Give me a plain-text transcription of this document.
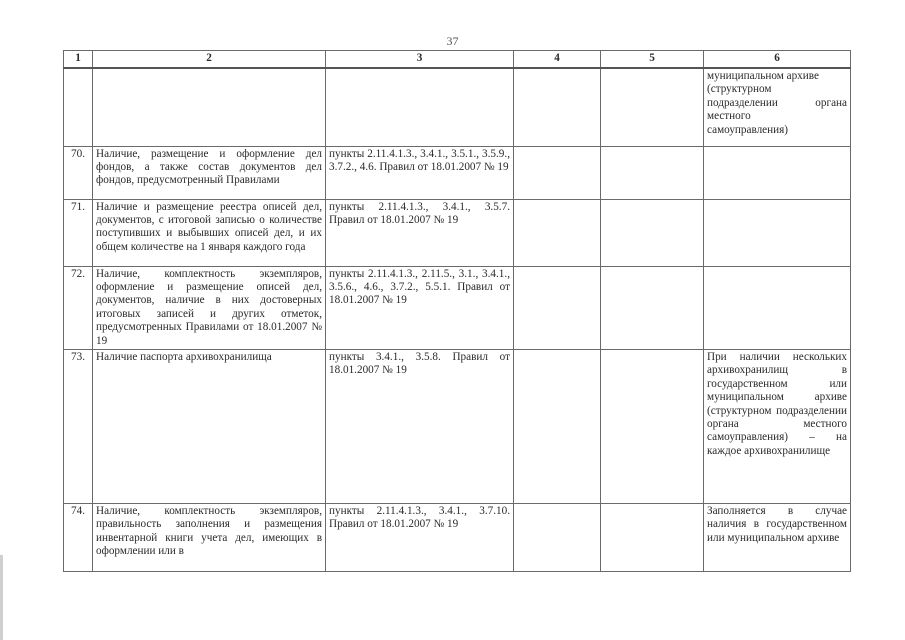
37
1	2	3	4	5	6

					муниципальном архиве
(структурном
подразделении органа
местного
самоуправления)

70.	Наличие, размещение и оформление дел фондов, а также состав документов дел фондов, предусмотренный Правилами	пункты 2.11.4.1.3., 3.4.1., 3.5.1., 3.5.9., 3.7.2., 4.6. Правил от 18.01.2007 № 19			
71.	Наличие и размещение реестра описей дел, документов, с итоговой записью о количестве поступивших и выбывших описей дел, и их общем количестве на 1 января каждого года	пункты 2.11.4.1.3., 3.4.1., 3.5.7. Правил от 18.01.2007 № 19			
72.	Наличие, комплектность экземпляров, оформление и размещение описей дел, документов, наличие в них достоверных итоговых записей и других отметок, предусмотренных Правилами от 18.01.2007 № 19	пункты 2.11.4.1.3., 2.11.5., 3.1., 3.4.1., 3.5.6., 4.6., 3.7.2., 5.5.1. Правил от 18.01.2007 № 19			
73.	Наличие паспорта архивохранилища	пункты 3.4.1., 3.5.8. Правил от 18.01.2007 № 19			При наличии нескольких архивохранилищ в государственном или муниципальном архиве (структурном подразделении органа местного самоуправления) – на каждое архивохранилище
74.	Наличие, комплектность экземпляров, правильность заполнения и размещения инвентарной книги учета дел, имеющих в оформлении или в	пункты 2.11.4.1.3., 3.4.1., 3.7.10. Правил от 18.01.2007 № 19			Заполняется в случае наличия в государственном или муниципальном архиве
